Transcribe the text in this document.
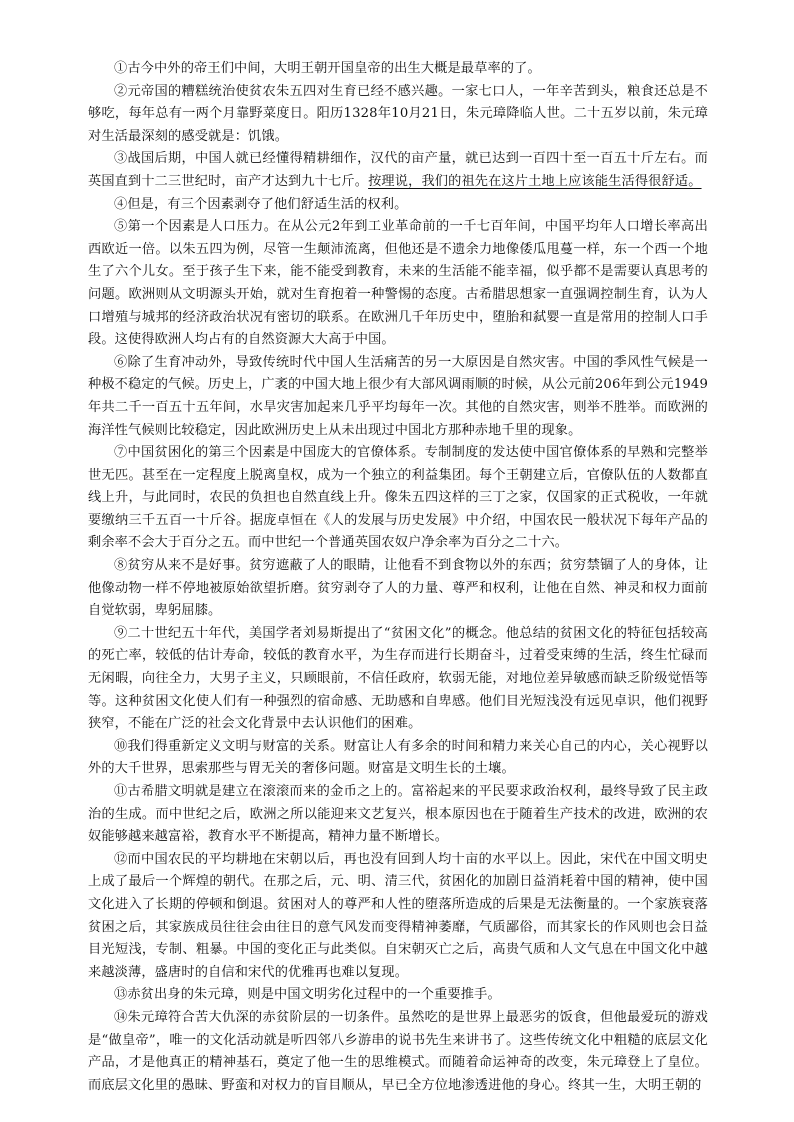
①古今中外的帝王们中间，大明王朝开国皇帝的出生大概是最草率的了。

②元帝国的糟糕统治使贫农朱五四对生育已经不感兴趣。一家七口人，一年辛苦到头，粮食还总是不够吃，每年总有一两个月靠野菜度日。阳历1328年10月21日，朱元璋降临人世。二十五岁以前，朱元璋对生活最深刻的感受就是：饥饿。

③战国后期，中国人就已经懂得精耕细作，汉代的亩产量，就已达到一百四十至一百五十斤左右。而英国直到十二三世纪时，亩产才达到九十七斤。按理说，我们的祖先在这片土地上应该能生活得很舒适。

④但是，有三个因素剥夺了他们舒适生活的权利。

⑤第一个因素是人口压力。在从公元2年到工业革命前的一千七百年间，中国平均年人口增长率高出西欧近一倍。以朱五四为例，尽管一生颠沛流离，但他还是不遗余力地像倭瓜甩蔓一样，东一个西一个地生了六个儿女。至于孩子生下来，能不能受到教育，未来的生活能不能幸福，似乎都不是需要认真思考的问题。欧洲则从文明源头开始，就对生育抱着一种警惕的态度。古希腊思想家一直强调控制生育，认为人口增殖与城邦的经济政治状况有密切的联系。在欧洲几千年历史中，堕胎和弑婴一直是常用的控制人口手段。这使得欧洲人均占有的自然资源大大高于中国。

⑥除了生育冲动外，导致传统时代中国人生活痛苦的另一大原因是自然灾害。中国的季风性气候是一种极不稳定的气候。历史上，广袤的中国大地上很少有大部风调雨顺的时候，从公元前206年到公元1949年共二千一百五十五年间，水旱灾害加起来几乎平均每年一次。其他的自然灾害，则举不胜举。而欧洲的海洋性气候则比较稳定，因此欧洲历史上从未出现过中国北方那种赤地千里的现象。

⑦中国贫困化的第三个因素是中国庞大的官僚体系。专制制度的发达使中国官僚体系的早熟和完整举世无匹。甚至在一定程度上脱离皇权，成为一个独立的利益集团。每个王朝建立后，官僚队伍的人数都直线上升，与此同时，农民的负担也自然直线上升。像朱五四这样的三丁之家，仅国家的正式税收，一年就要缴纳三千五百一十斤谷。据庞卓恒在《人的发展与历史发展》中介绍，中国农民一般状况下每年产品的剩余率不会大于百分之五。而中世纪一个普通英国农奴户净余率为百分之二十六。

⑧贫穷从来不是好事。贫穷遮蔽了人的眼睛，让他看不到食物以外的东西；贫穷禁锢了人的身体，让他像动物一样不停地被原始欲望折磨。贫穷剥夺了人的力量、尊严和权利，让他在自然、神灵和权力面前自觉软弱，卑躬屈膝。

⑨二十世纪五十年代，美国学者刘易斯提出了“贫困文化”的概念。他总结的贫困文化的特征包括较高的死亡率，较低的估计寿命，较低的教育水平，为生存而进行长期奋斗，过着受束缚的生活，终生忙碌而无闲暇，向往全力，大男子主义，只顾眼前，不信任政府，软弱无能，对地位差异敏感而缺乏阶级觉悟等等。这种贫困文化使人们有一种强烈的宿命感、无助感和自卑感。他们目光短浅没有远见卓识，他们视野狭窄，不能在广泛的社会文化背景中去认识他们的困难。

⑩我们得重新定义文明与财富的关系。财富让人有多余的时间和精力来关心自己的内心，关心视野以外的大千世界，思索那些与胃无关的奢侈问题。财富是文明生长的土壤。

⑪古希腊文明就是建立在滚滚而来的金币之上的。富裕起来的平民要求政治权利，最终导致了民主政治的生成。而中世纪之后，欧洲之所以能迎来文艺复兴，根本原因也在于随着生产技术的改进，欧洲的农奴能够越来越富裕，教育水平不断提高，精神力量不断增长。

⑫而中国农民的平均耕地在宋朝以后，再也没有回到人均十亩的水平以上。因此，宋代在中国文明史上成了最后一个辉煌的朝代。在那之后，元、明、清三代，贫困化的加剧日益消耗着中国的精神，使中国文化进入了长期的停顿和倒退。贫困对人的尊严和人性的堕落所造成的后果是无法衡量的。一个家族衰落贫困之后，其家族成员往往会由往日的意气风发而变得精神萎靡，气质鄙俗，而其家长的作风则也会日益目光短浅，专制、粗暴。中国的变化正与此类似。自宋朝灭亡之后，高贵气质和人文气息在中国文化中越来越淡薄，盛唐时的自信和宋代的优雅再也难以复现。

⑬赤贫出身的朱元璋，则是中国文明劣化过程中的一个重要推手。

⑭朱元璋符合苦大仇深的赤贫阶层的一切条件。虽然吃的是世界上最恶劣的饭食，但他最爱玩的游戏是“做皇帝”，唯一的文化活动就是听四邻八乡游串的说书先生来讲书了。这些传统文化中粗糙的底层文化产品，才是他真正的精神基石，奠定了他一生的思维模式。而随着命运神奇的改变，朱元璋登上了皇位。而底层文化里的愚昧、野蛮和对权力的盲目顺从，早已全方位地渗透进他的身心。终其一生，大明王朝的
